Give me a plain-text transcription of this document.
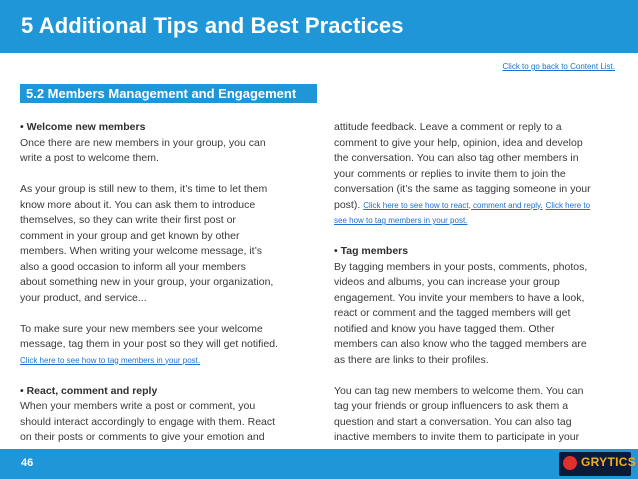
5 Additional Tips and Best Practices
Click to go back to Content List.
5.2 Members Management and Engagement

• Welcome new members

Once there are new members in your group, you can

write a post to welcome them.

As your group is still new to them, it’s time to let them

know more about it. You can ask them to introduce

themselves, so they can write their first post or

comment in your group and get known by other

members. When writing your welcome message, it’s

also a good occasion to inform all your members

about something new in your group, your organization,

your product, and service...

To make sure your new members see your welcome

message, tag them in your post so they will get notified.

Click here to see how to tag members in your post.

• React, comment and reply

When your members write a post or comment, you

should interact accordingly to engage with them. React

on their posts or comments to give your emotion and

attitude feedback. Leave a comment or reply to a

comment to give your help, opinion, idea and develop

the conversation. You can also tag other members in

your comments or replies to invite them to join the

conversation (it’s the same as tagging someone in your

post). Click here to see how to react, comment and reply. Click here to

see how to tag members in your post.

• Tag members

By tagging members in your posts, comments, photos,

videos and albums, you can increase your group

engagement. You invite your members to have a look,

react or comment and the tagged members will get

notified and know you have tagged them. Other

members can also know who the tagged members are

as there are links to their profiles.

You can tag new members to welcome them. You can

tag your friends or group influencers to ask them a

question and start a conversation. You can also tag

inactive members to invite them to participate in your

46	GRYTICS
